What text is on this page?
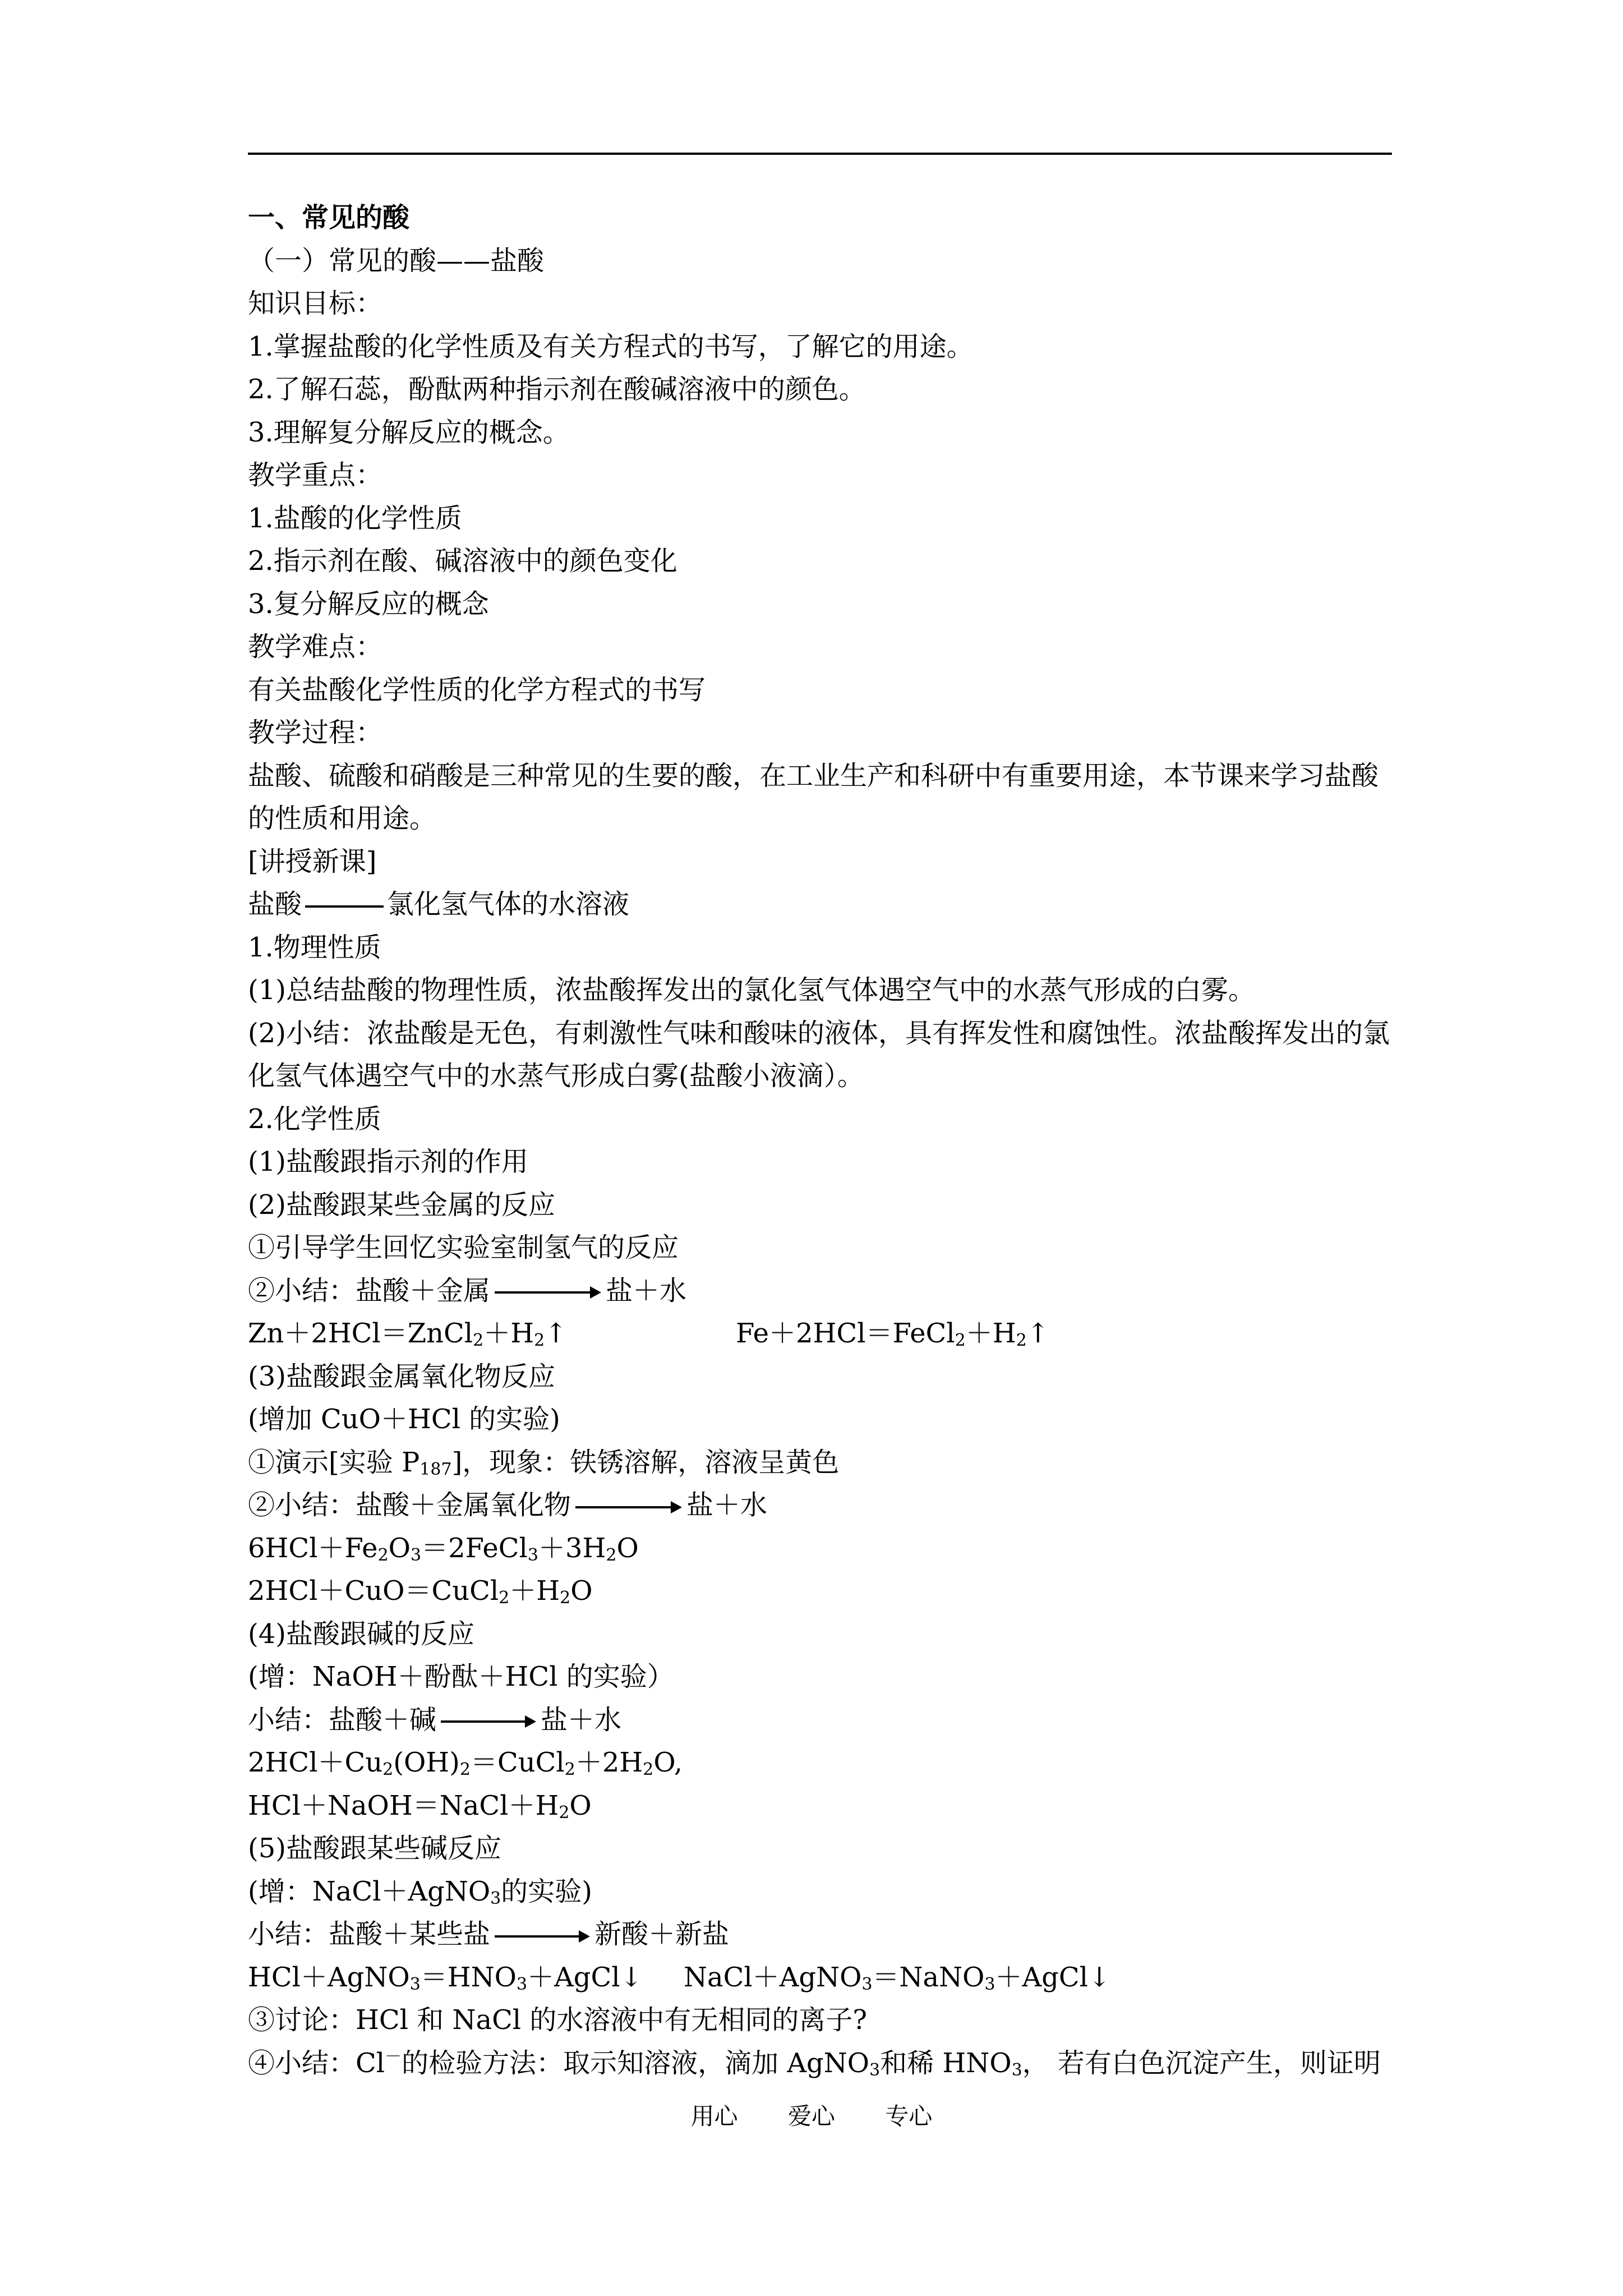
一、常见的酸
（一）常见的酸——盐酸
知识目标：
1.掌握盐酸的化学性质及有关方程式的书写，了解它的用途。
2.了解石蕊，酚酞两种指示剂在酸碱溶液中的颜色。
3.理解复分解反应的概念。
教学重点：
1.盐酸的化学性质
2.指示剂在酸、碱溶液中的颜色变化
3.复分解反应的概念
教学难点：
有关盐酸化学性质的化学方程式的书写
教学过程：
盐酸、硫酸和硝酸是三种常见的生要的酸，在工业生产和科研中有重要用途，本节课来学习盐酸的性质和用途。
[讲授新课]
盐酸	氯化氢气体的水溶液
1.物理性质
(1)总结盐酸的物理性质，浓盐酸挥发出的氯化氢气体遇空气中的水蒸气形成的白雾。
(2)小结：浓盐酸是无色，有刺激性气味和酸味的液体，具有挥发性和腐蚀性。浓盐酸挥发出的氯化氢气体遇空气中的水蒸气形成白雾(盐酸小液滴）。
2.化学性质
(1)盐酸跟指示剂的作用
(2)盐酸跟某些金属的反应
①引导学生回忆实验室制氢气的反应
②小结：盐酸＋金属	盐＋水
$Zn+2HCl=ZnCl_2+H_2↑$	$Fe+2HCl=FeCl_2+H_2↑$
(3)盐酸跟金属氧化物反应
(增加 CuO＋HCl 的实验)
①演示[实验 $P_{187}$]，现象：铁锈溶解，溶液呈黄色
②小结：盐酸＋金属氧化物	盐＋水
$6HCl+Fe_2O_3=2FeCl_3+3H_2O$
$2HCl+CuO=CuCl_2+H_2O$
(4)盐酸跟碱的反应
(增：NaOH＋酚酞＋HCl 的实验）
小结：盐酸＋碱	盐＋水
$2HCl+Cu_2(OH)_2=CuCl_2+2H_2O$,
$HCl+NaOH=NaCl+H_2O$
(5)盐酸跟某些碱反应
(增：NaCl＋AgNO$_3$的实验)
小结：盐酸＋某些盐	新酸＋新盐
$HCl+AgNO_3=HNO_3+AgCl↓$ NaCl＋AgNO$_3$＝NaNO$_3$＋AgCl↓
③讨论：HCl 和 NaCl 的水溶液中有无相同的离子?
④小结：Cl－的检验方法：取示知溶液，滴加 AgNO$_3$和稀 $HNO_3$， 若有白色沉淀产生，则证明
用心 爱心 专心
